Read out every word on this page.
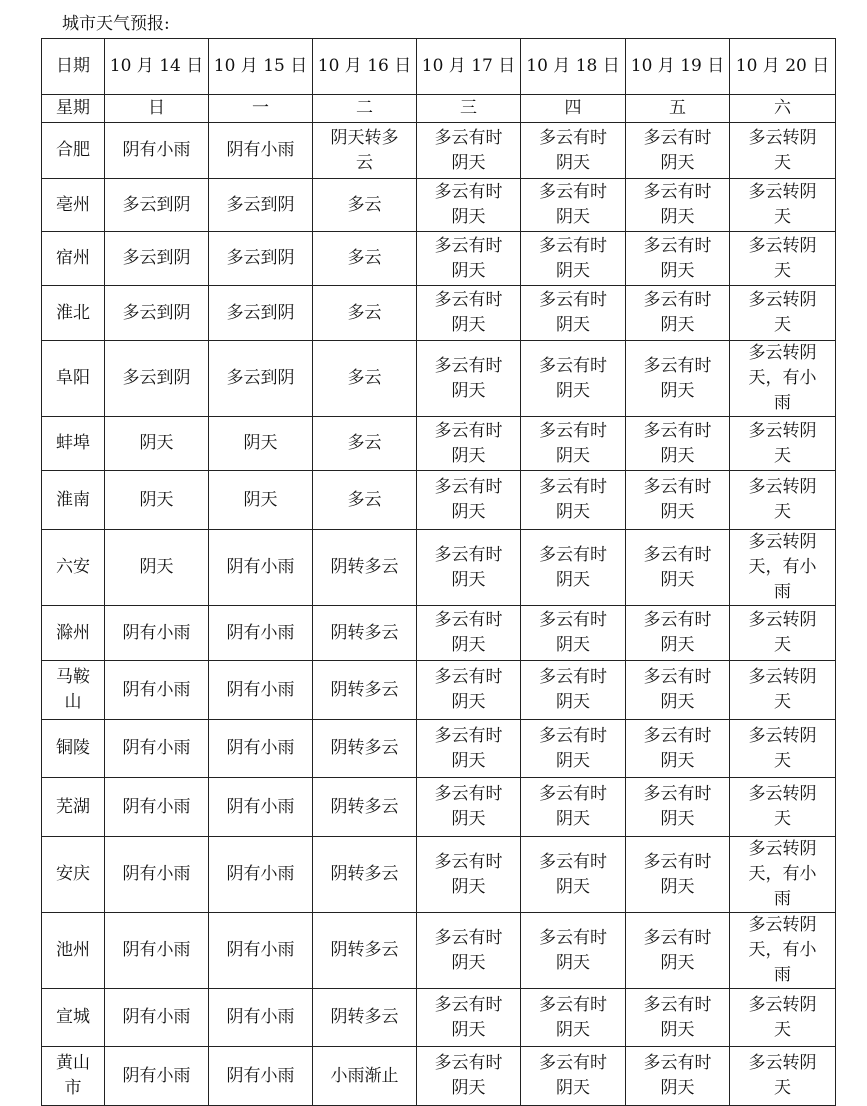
城市天气预报:
日期	10 月 14 日	10 月 15 日	10 月 16 日	10 月 17 日	10 月 18 日	10 月 19 日	10 月 20 日
星期	日	一	二	三	四	五	六
合肥	阴有小雨	阴有小雨	阴天转多云	多云有时阴天	多云有时阴天	多云有时阴天	多云转阴天
亳州	多云到阴	多云到阴	多云	多云有时阴天	多云有时阴天	多云有时阴天	多云转阴天
宿州	多云到阴	多云到阴	多云	多云有时阴天	多云有时阴天	多云有时阴天	多云转阴天
淮北	多云到阴	多云到阴	多云	多云有时阴天	多云有时阴天	多云有时阴天	多云转阴天
阜阳	多云到阴	多云到阴	多云	多云有时阴天	多云有时阴天	多云有时阴天	多云转阴天，有小雨
蚌埠	阴天	阴天	多云	多云有时阴天	多云有时阴天	多云有时阴天	多云转阴天
淮南	阴天	阴天	多云	多云有时阴天	多云有时阴天	多云有时阴天	多云转阴天
六安	阴天	阴有小雨	阴转多云	多云有时阴天	多云有时阴天	多云有时阴天	多云转阴天，有小雨
滁州	阴有小雨	阴有小雨	阴转多云	多云有时阴天	多云有时阴天	多云有时阴天	多云转阴天
马鞍山	阴有小雨	阴有小雨	阴转多云	多云有时阴天	多云有时阴天	多云有时阴天	多云转阴天
铜陵	阴有小雨	阴有小雨	阴转多云	多云有时阴天	多云有时阴天	多云有时阴天	多云转阴天
芜湖	阴有小雨	阴有小雨	阴转多云	多云有时阴天	多云有时阴天	多云有时阴天	多云转阴天
安庆	阴有小雨	阴有小雨	阴转多云	多云有时阴天	多云有时阴天	多云有时阴天	多云转阴天，有小雨
池州	阴有小雨	阴有小雨	阴转多云	多云有时阴天	多云有时阴天	多云有时阴天	多云转阴天，有小雨
宣城	阴有小雨	阴有小雨	阴转多云	多云有时阴天	多云有时阴天	多云有时阴天	多云转阴天
黄山市	阴有小雨	阴有小雨	小雨渐止	多云有时阴天	多云有时阴天	多云有时阴天	多云转阴天
